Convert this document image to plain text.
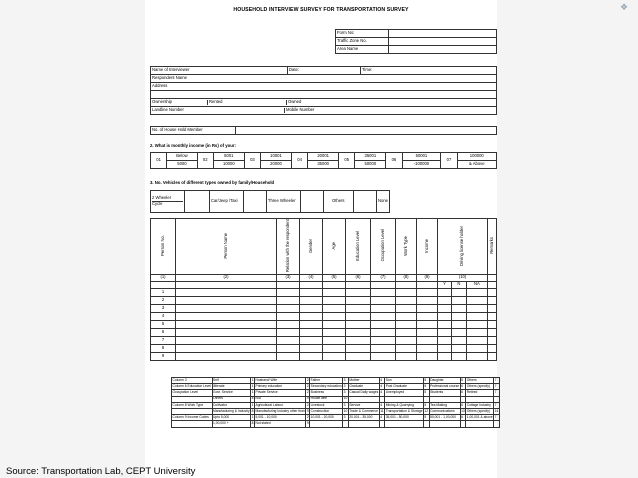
❖
HOUSEHOLD INTERVIEW SURVEY FOR TRANSPORTATION SURVEY
Form No:	
Traffic Zone No.	
Area Name	
Name of Interviewer	Date:	Time:
Respondent Name
Address

Ownership	Rented	Owned
Landline Number	Mobile Number
No. of House Hold Member	
2. What is monthly income (in Rs) of your:
01	Below	02	5001	03	10001	04	20001	05	35001	06	50001	07	100000
	5000		10000		20000		35000		50000		-100000		& Above
3. No. Vehicles of different types owned by family/Household
2 Wheeler
Cycle
		Car/Jeep /Taxi		Three Wheeler		Others		None
Person No.	Person Name	Relation with the respondent	Gender	Age	Education Level	Occupation Level	Work Type	Income	Driving license holder			Remarks
(1)	(2)	(3)	(4)	(5)	(6)	(7)	(8)	(9)	(10)			
									Y	N	NA	
1												
2												
3												
4												
5												
6												
7												
8												
9												
Column 3	Self	1	Husband/ Wife	2	Father	3	Mother	4	Son	5	Daughter	6	Others	7
Column 6 Education Level	Illiterate	1	Primary education	2	Secondary education	3	Graduate	4	Post Graduate	5	Professional course	6	Others (specify)	7
Occupation Level	Govt. Service	1	Private Service	2	Business	3	Casual Daily wages	4	Unemployed	5	Students	6	Retired	7
	Others	8	N/A	9	House wife	10								
Column 8 Work Type	Cultivator	1	Agricultural Labour	2	Livestock	3	Service	4	Mining & Quarrying	5	Tea Making	6	Cottage Industry	7
	Manufacturing & Industry	8	Manufacturing Industry other than	9	Construction	10	Trade & Commerce	11	Transportation & Storage	12	Communications	13	Others (specify)	14
Column 9 Income Codes	Upto 5,000	1	5,001 - 10,000	2	10,001 - 20,000	3	20,001 - 35,000	4	35,001 - 50,000	5	50,001 - 1,00,000	6	1,00,001 & above	7
	1,00,000 +	8	Not stated	9										
Source: Transportation Lab, CEPT University
